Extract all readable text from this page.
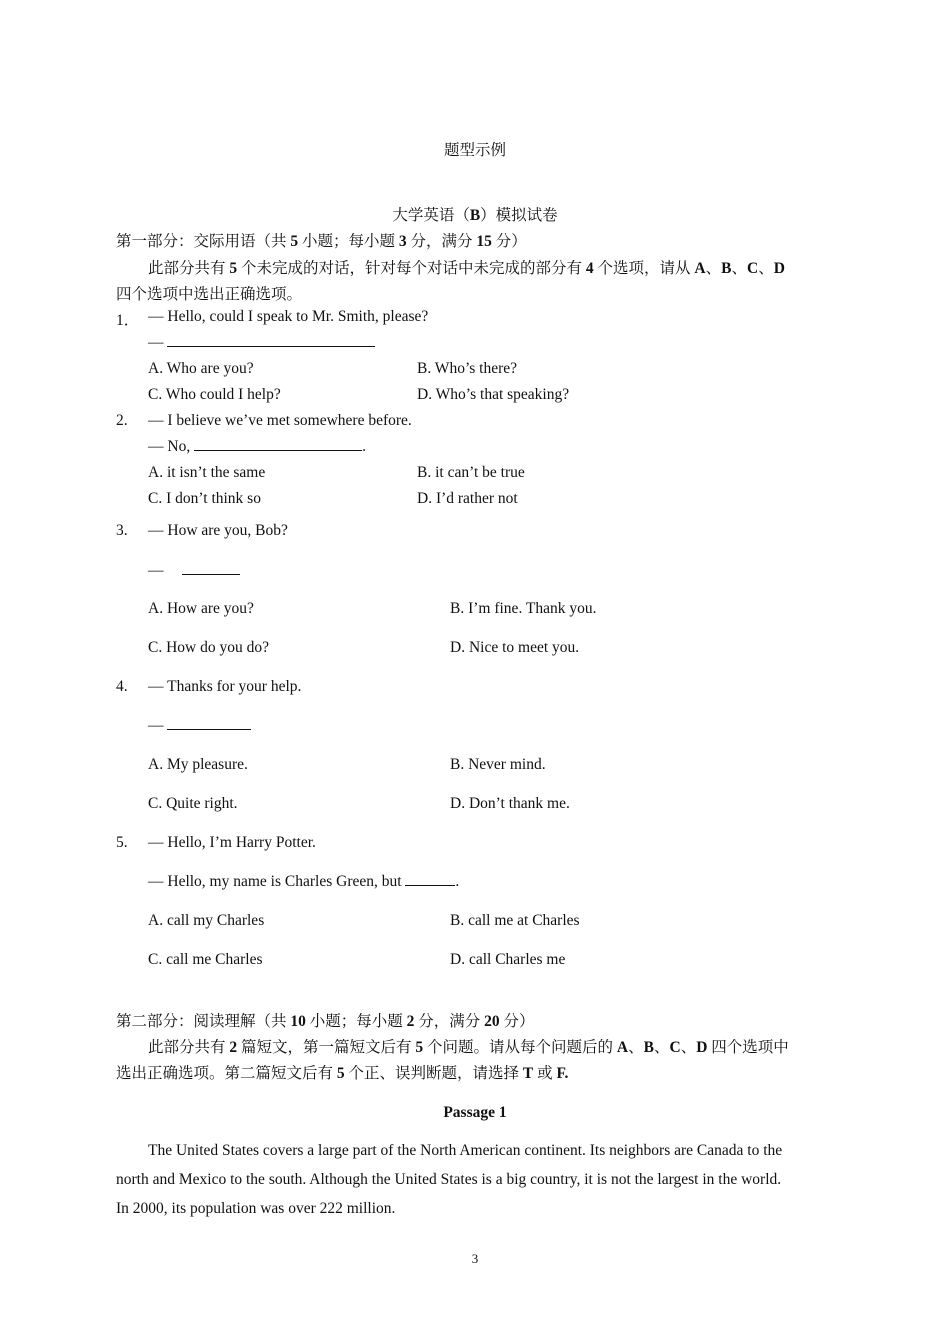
题型示例
大学英语（B）模拟试卷
第一部分：交际用语（共 5 小题；每小题 3 分，满分 15 分）
此部分共有 5 个未完成的对话，针对每个对话中未完成的部分有 4 个选项，请从 A、B、C、D
四个选项中选出正确选项。
1． — Hello, could I speak to Mr. Smith, please?
—
A. Who are you?	B. Who’s there?
C. Who could I help?	D. Who’s that speaking?
2. — I believe we’ve met somewhere before.
— No,	.
A. it isn’t the same	B. it can’t be true
C. I don’t think so	D. I’d rather not
3. — How are you, Bob?
—
A. How are you?	B. I’m fine. Thank you.
C. How do you do?	D. Nice to meet you.
4. — Thanks for your help.
—
A. My pleasure.	B. Never mind.
C. Quite right.	D. Don’t thank me.
5. — Hello, I’m Harry Potter.
— Hello, my name is Charles Green, but	.
A. call my Charles	B. call me at Charles
C. call me Charles	D. call Charles me
第二部分：阅读理解（共 10 小题；每小题 2 分，满分 20 分）
此部分共有 2 篇短文，第一篇短文后有 5 个问题。请从每个问题后的 A、B、C、D 四个选项中
选出正确选项。第二篇短文后有 5 个正、误判断题，请选择 T 或 F.
Passage 1
The United States covers a large part of the North American continent. Its neighbors are Canada to the
north and Mexico to the south. Although the United States is a big country, it is not the largest in the world.
In 2000, its population was over 222 million.
3
